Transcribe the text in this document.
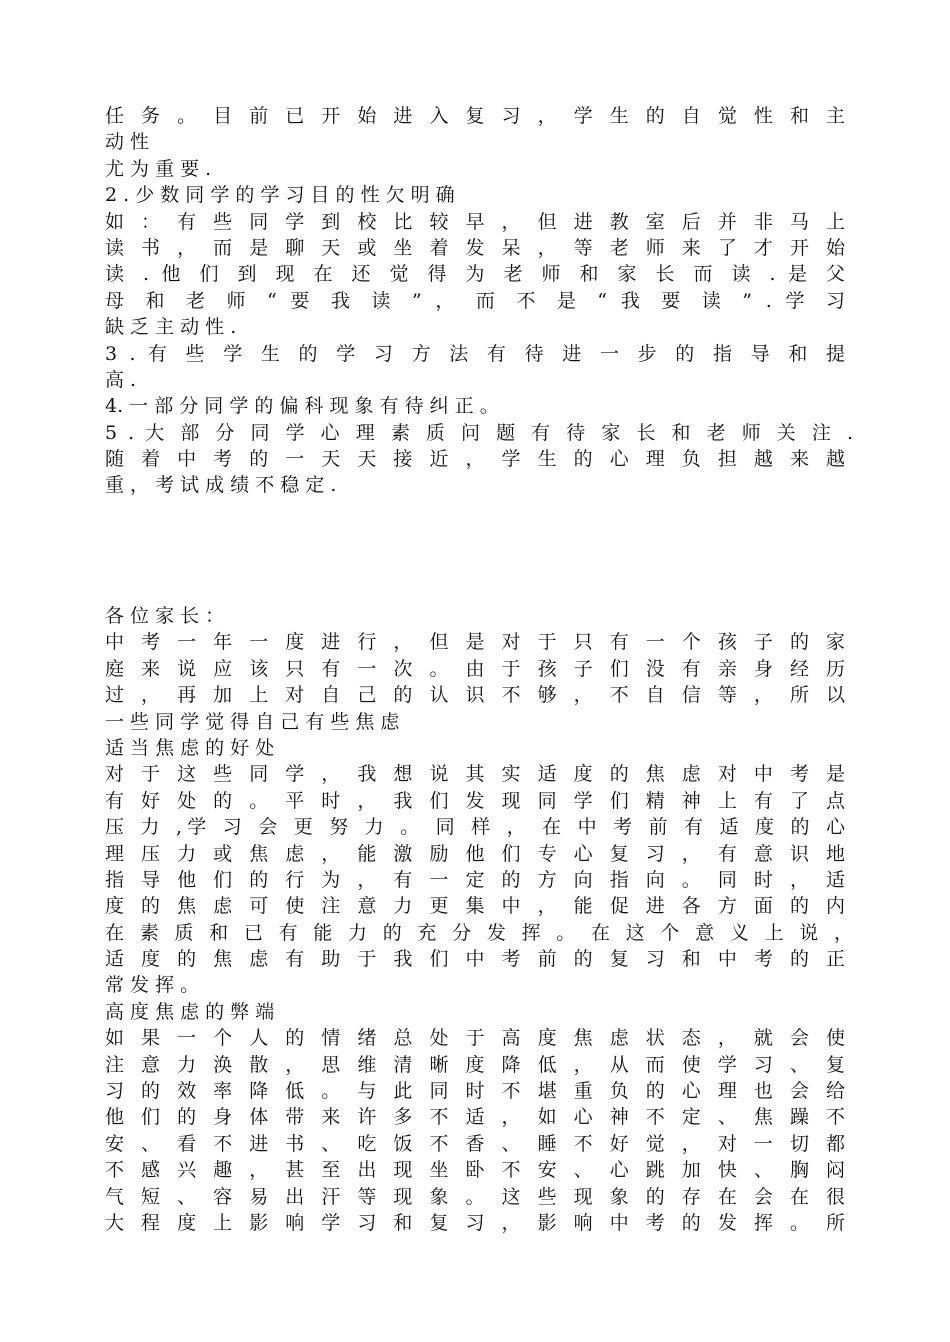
任 务 。 目 前 已 开 始 进 入 复 习 ， 学 生 的 自 觉 性 和 主
动 性
尤 为 重 要 .
2 . 少 数 同 学 的 学 习 目 的 性 欠 明 确
如 ： 有 些 同 学 到 校 比 较 早 ， 但 进 教 室 后 并 非 马 上
读 书 ， 而 是 聊 天 或 坐 着 发 呆 ， 等 老 师 来 了 才 开 始
读 . 他 们 到 现 在 还 觉 得 为 老 师 和 家 长 而 读 . 是 父
母 和 老 师 “ 要 我 读 ” ， 而 不 是 “ 我 要 读 ” . 学 习
缺 乏 主 动 性 .
3 . 有 些 学 生 的 学 习 方 法 有 待 进 一 步 的 指 导 和 提
高 .
4. 一 部 分 同 学 的 偏 科 现 象 有 待 纠 正 。
5 . 大 部 分 同 学 心 理 素 质 问 题 有 待 家 长 和 老 师 关 注 .
随 着 中 考 的 一 天 天 接 近 ， 学 生 的 心 理 负 担 越 来 越
重 ， 考 试 成 绩 不 稳 定 .
各 位 家 长 ：
中 考 一 年 一 度 进 行 ， 但 是 对 于 只 有 一 个 孩 子 的 家
庭 来 说 应 该 只 有 一 次 。 由 于 孩 子 们 没 有 亲 身 经 历
过 ， 再 加 上 对 自 己 的 认 识 不 够 ， 不 自 信 等 ， 所 以
一 些 同 学 觉 得 自 己 有 些 焦 虑
适 当 焦 虑 的 好 处
对 于 这 些 同 学 ， 我 想 说 其 实 适 度 的 焦 虑 对 中 考 是
有 好 处 的 。 平 时 ， 我 们 发 现 同 学 们 精 神 上 有 了 点
压 力 ,学 习 会 更 努 力 。 同 样 ， 在 中 考 前 有 适 度 的 心
理 压 力 或 焦 虑 ， 能 激 励 他 们 专 心 复 习 ， 有 意 识 地
指 导 他 们 的 行 为 ， 有 一 定 的 方 向 指 向 。 同 时 ， 适
度 的 焦 虑 可 使 注 意 力 更 集 中 ， 能 促 进 各 方 面 的 内
在 素 质 和 已 有 能 力 的 充 分 发 挥 。 在 这 个 意 义 上 说 ，
适 度 的 焦 虑 有 助 于 我 们 中 考 前 的 复 习 和 中 考 的 正
常 发 挥 。
高 度 焦 虑 的 弊 端
如 果 一 个 人 的 情 绪 总 处 于 高 度 焦 虑 状 态 ， 就 会 使
注 意 力 涣 散 ， 思 维 清 晰 度 降 低 ， 从 而 使 学 习 、 复
习 的 效 率 降 低 。 与 此 同 时 不 堪 重 负 的 心 理 也 会 给
他 们 的 身 体 带 来 许 多 不 适 ， 如 心 神 不 定 、 焦 躁 不
安 、 看 不 进 书 、 吃 饭 不 香 、 睡 不 好 觉 ， 对 一 切 都
不 感 兴 趣 ， 甚 至 出 现 坐 卧 不 安 、 心 跳 加 快 、 胸 闷
气 短 、 容 易 出 汗 等 现 象 。 这 些 现 象 的 存 在 会 在 很
大 程 度 上 影 响 学 习 和 复 习 ， 影 响 中 考 的 发 挥 。 所
